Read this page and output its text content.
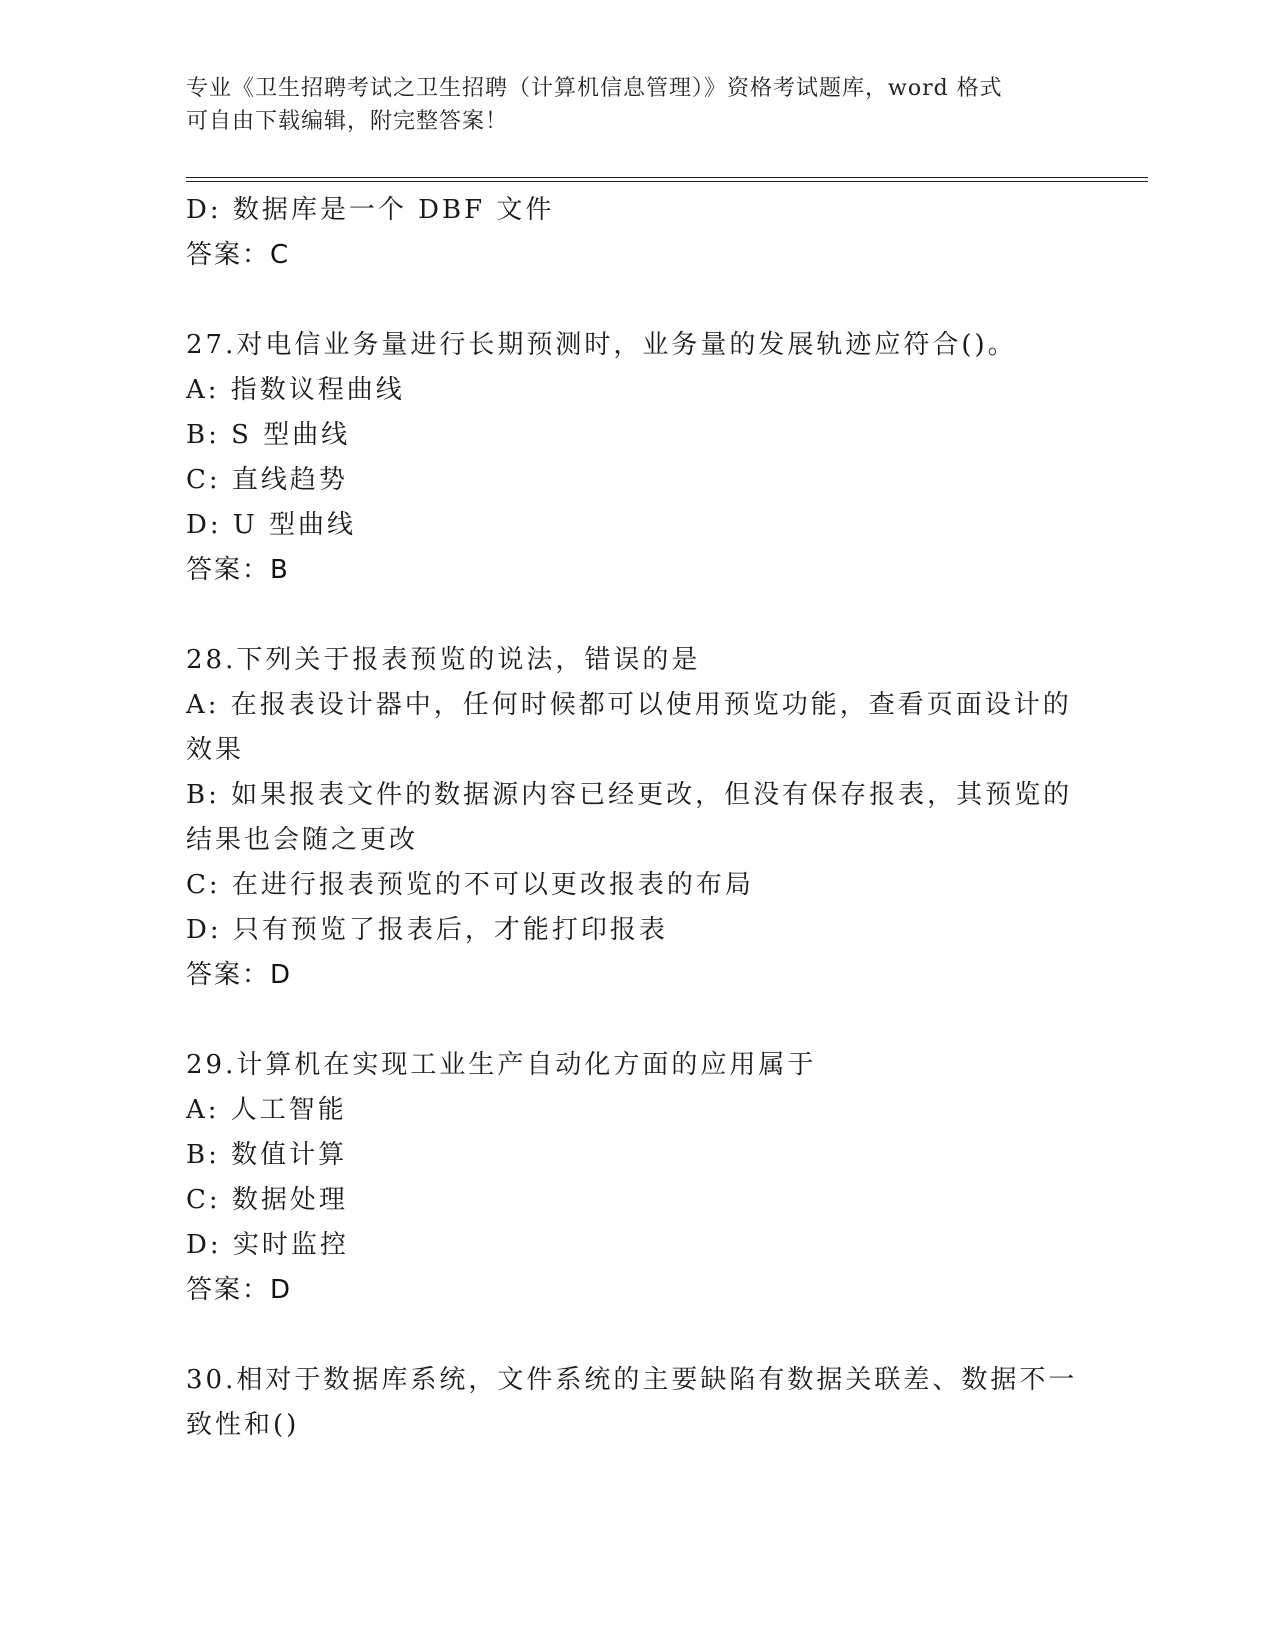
专业《卫生招聘考试之卫生招聘（计算机信息管理）》资格考试题库，word 格式
可自由下载编辑，附完整答案！
D: 数据库是一个 DBF 文件
答案：C
27.对电信业务量进行长期预测时，业务量的发展轨迹应符合()。
A: 指数议程曲线
B: S 型曲线
C: 直线趋势
D: U 型曲线
答案：B
28.下列关于报表预览的说法，错误的是
A: 在报表设计器中，任何时候都可以使用预览功能，查看页面设计的
效果
B: 如果报表文件的数据源内容已经更改，但没有保存报表，其预览的
结果也会随之更改
C: 在进行报表预览的不可以更改报表的布局
D: 只有预览了报表后，才能打印报表
答案：D
29.计算机在实现工业生产自动化方面的应用属于
A: 人工智能
B: 数值计算
C: 数据处理
D: 实时监控
答案：D
30.相对于数据库系统，文件系统的主要缺陷有数据关联差、数据不一
致性和()
